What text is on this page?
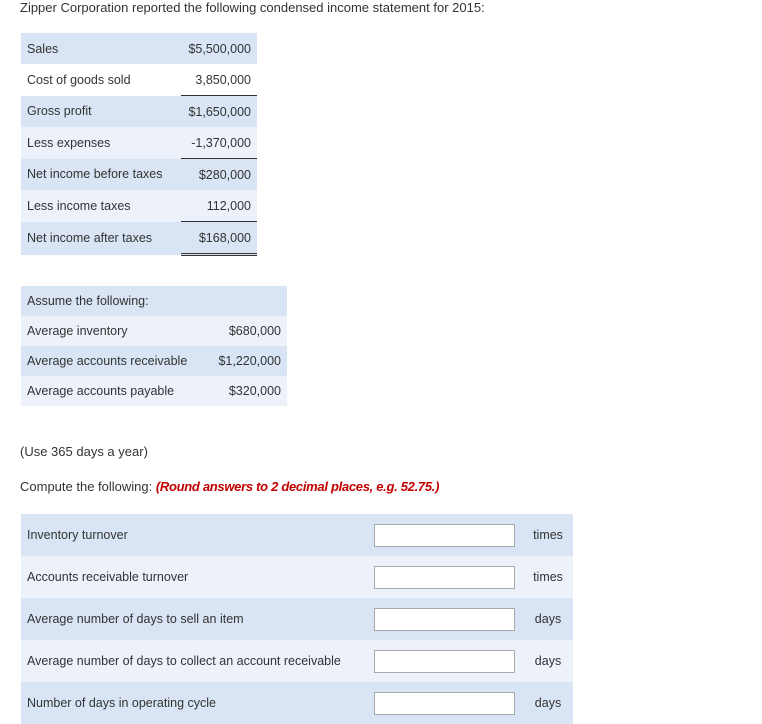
Zipper Corporation reported the following condensed income statement for 2015:
Sales	$5,500,000
Cost of goods sold	3,850,000
Gross profit	$1,650,000
Less expenses	-1,370,000
Net income before taxes	$280,000
Less income taxes	112,000
Net income after taxes	$168,000
Assume the following:	
Average inventory	$680,000
Average accounts receivable	$1,220,000
Average accounts payable	$320,000
(Use 365 days a year)
Compute the following: (Round answers to 2 decimal places, e.g. 52.75.)
Inventory turnover		times
Accounts receivable turnover		times
Average number of days to sell an item		days
Average number of days to collect an account receivable		days
Number of days in operating cycle		days
